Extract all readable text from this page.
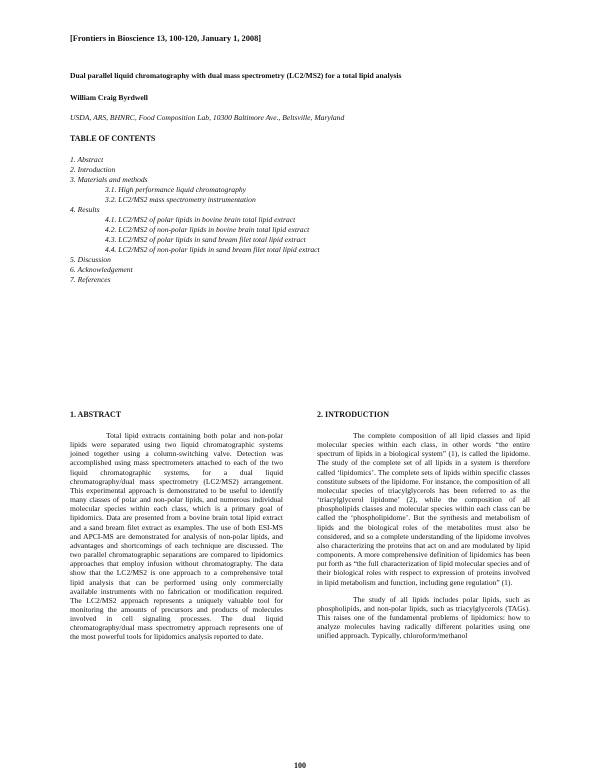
[Frontiers in Bioscience 13, 100-120, January 1, 2008]
Dual parallel liquid chromatography with dual mass spectrometry (LC2/MS2) for a total lipid analysis
William Craig Byrdwell
USDA, ARS, BHNRC, Food Composition Lab, 10300 Baltimore Ave., Beltsville, Maryland
TABLE OF CONTENTS
1. Abstract
2. Introduction
3. Materials and methods
3.1. High performance liquid chromatography
3.2. LC2/MS2 mass spectrometry instrumentation
4. Results
4.1. LC2/MS2 of polar lipids in bovine brain total lipid extract
4.2. LC2/MS2 of non-polar lipids in bovine brain total lipid extract
4.3. LC2/MS2 of polar lipids in sand bream filet total lipid extract
4.4. LC2/MS2 of non-polar lipids in sand bream filet total lipid extract
5. Discussion
6. Acknowledgement
7. References
1. ABSTRACT

Total lipid extracts containing both polar and non-polar lipids were separated using two liquid chromatographic systems joined together using a column-switching valve. Detection was accomplished using mass spectrometers attached to each of the two liquid chromatographic systems, for a dual liquid chromatography/dual mass spectrometry (LC2/MS2) arrangement. This experimental approach is demonstrated to be useful to identify many classes of polar and non-polar lipids, and numerous individual molecular species within each class, which is a primary goal of lipidomics. Data are presented from a bovine brain total lipid extract and a sand bream filet extract as examples. The use of both ESI-MS and APCI-MS are demonstrated for analysis of non-polar lipids, and advantages and shortcomings of each technique are discussed. The two parallel chromatographic separations are compared to lipidomics approaches that employ infusion without chromatography. The data show that the LC2/MS2 is one approach to a comprehensive total lipid analysis that can be performed using only commercially available instruments with no fabrication or modification required. The LC2/MS2 approach represents a uniquely valuable tool for monitoring the amounts of precursors and products of molecules involved in cell signaling processes. The dual liquid chromatography/dual mass spectrometry approach represents one of the most powerful tools for lipidomics analysis reported to date.

2. INTRODUCTION

The complete composition of all lipid classes and lipid molecular species within each class, in other words “the entire spectrum of lipids in a biological system” (1), is called the lipidome. The study of the complete set of all lipids in a system is therefore called ‘lipidomics’. The complete sets of lipids within specific classes constitute subsets of the lipidome. For instance, the composition of all molecular species of triacylglycerols has been referred to as the ‘triacylglycerol lipidome’ (2), while the composition of all phospholipids classes and molecular species within each class can be called the ‘phospholipidome’. But the synthesis and metabolism of lipids and the biological roles of the metabolites must also be considered, and so a complete understanding of the lipidome involves also characterizing the proteins that act on and are modulated by lipid components. A more comprehensive definition of lipidomics has been put forth as “the full characterization of lipid molecular species and of their biological roles with respect to expression of proteins involved in lipid metabolism and function, including gene regulation” (1).

The study of all lipids includes polar lipids, such as phospholipids, and non-polar lipids, such as triacylglycerols (TAGs). This raises one of the fundamental problems of lipidomics: how to analyze molecules having radically different polarities using one unified approach. Typically, chloroform/methanol

100
